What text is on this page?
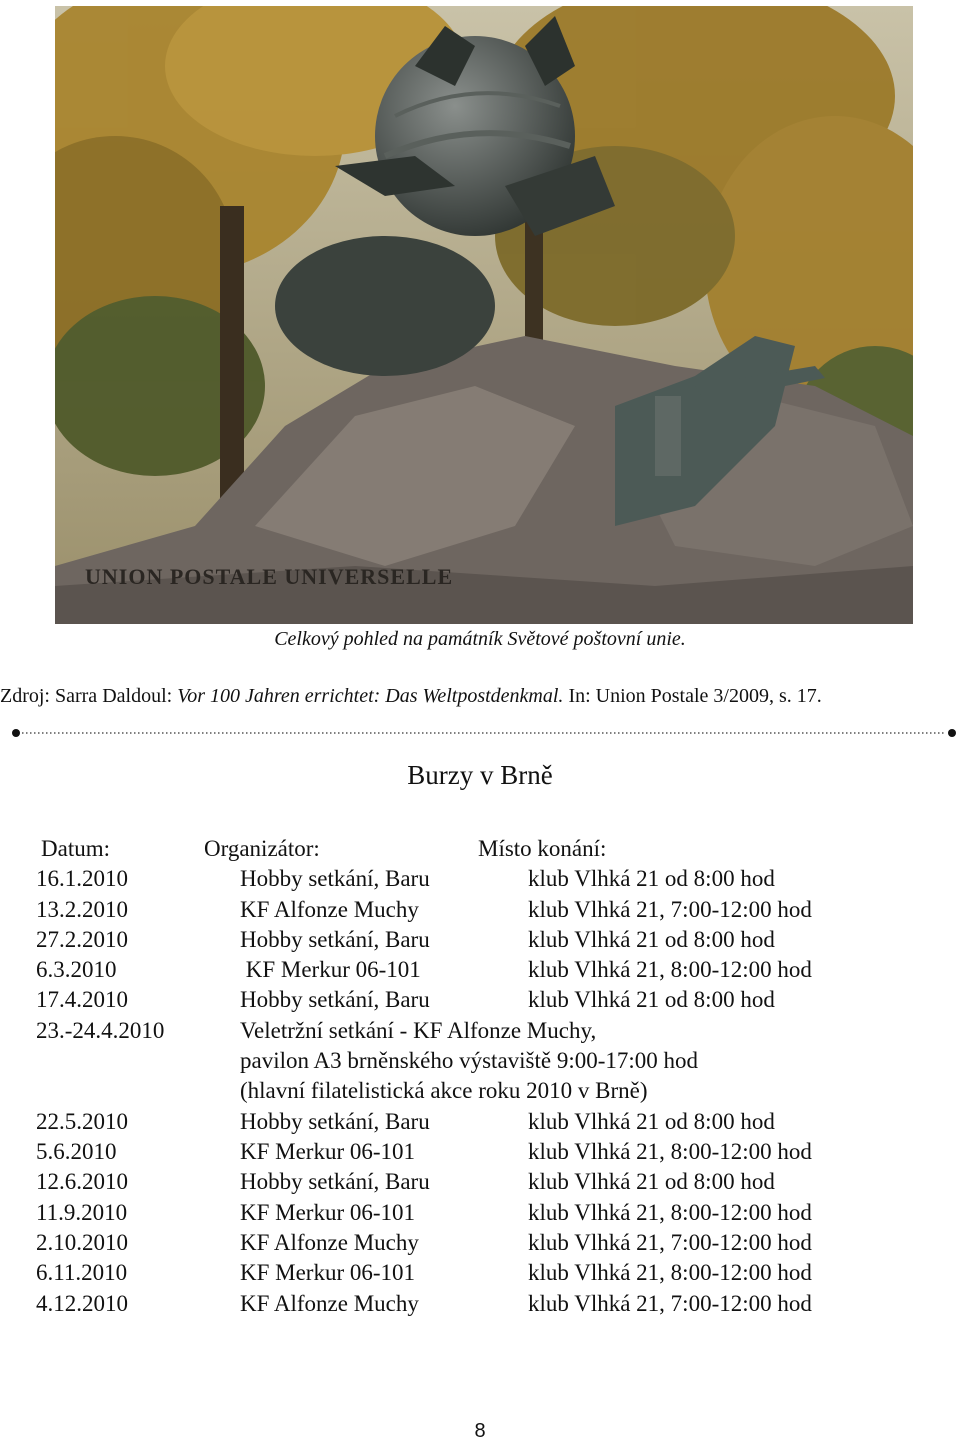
UNION POSTALE UNIVERSELLE
Celkový pohled na památník Světové poštovní unie.
Zdroj: Sarra Daldoul: Vor 100 Jahren errichtet: Das Weltpostdenkmal. In: Union Postale 3/2009, s. 17.
Burzy v Brně
Datum:	Organizátor:	Místo konání:
16.1.2010	Hobby setkání, Baru	klub Vlhká 21 od 8:00 hod
13.2.2010	KF Alfonze Muchy	klub Vlhká 21, 7:00-12:00 hod
27.2.2010	Hobby setkání, Baru	klub Vlhká 21 od 8:00 hod
6.3.2010	KF Merkur 06-101	klub Vlhká 21, 8:00-12:00 hod
17.4.2010	Hobby setkání, Baru	klub Vlhká 21 od 8:00 hod
23.-24.4.2010	Veletržní setkání - KF Alfonze Muchy,
pavilon A3 brněnského výstaviště 9:00-17:00 hod
(hlavní filatelistická akce roku 2010 v Brně)
22.5.2010	Hobby setkání, Baru	klub Vlhká 21 od 8:00 hod
5.6.2010	KF Merkur 06-101	klub Vlhká 21, 8:00-12:00 hod
12.6.2010	Hobby setkání, Baru	klub Vlhká 21 od 8:00 hod
11.9.2010	KF Merkur 06-101	klub Vlhká 21, 8:00-12:00 hod
2.10.2010	KF Alfonze Muchy	klub Vlhká 21, 7:00-12:00 hod
6.11.2010	KF Merkur 06-101	klub Vlhká 21, 8:00-12:00 hod
4.12.2010	KF Alfonze Muchy	klub Vlhká 21, 7:00-12:00 hod
8
